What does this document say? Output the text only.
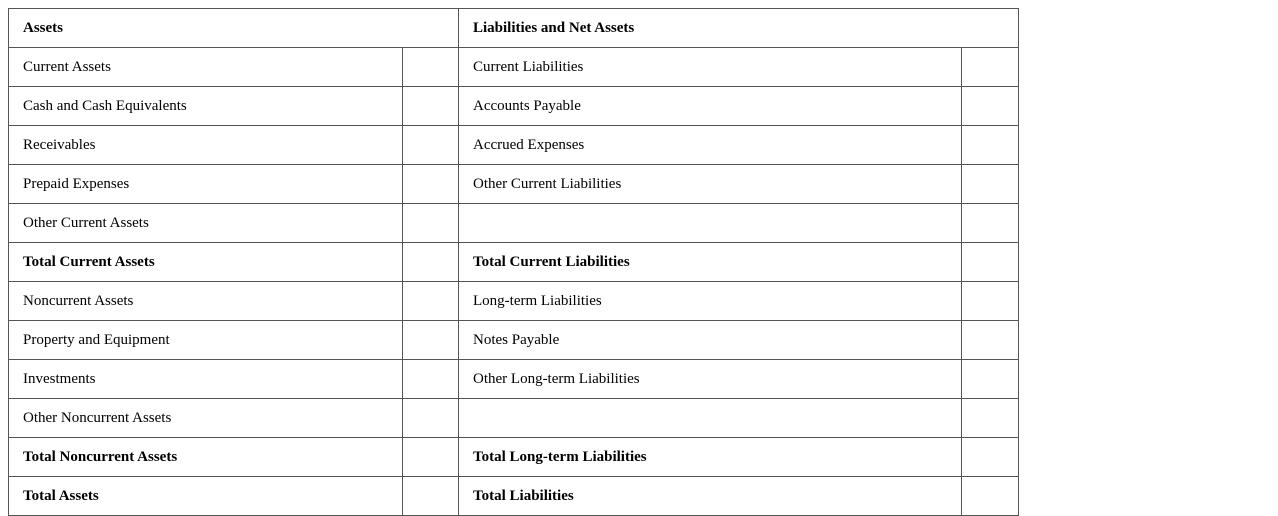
Assets		Liabilities and Net Assets	
Current Assets		Current Liabilities	
Cash and Cash Equivalents		Accounts Payable	
Receivables		Accrued Expenses	
Prepaid Expenses		Other Current Liabilities	
Other Current Assets			
Total Current Assets		Total Current Liabilities	
Noncurrent Assets		Long-term Liabilities	
Property and Equipment		Notes Payable	
Investments		Other Long-term Liabilities	
Other Noncurrent Assets			
Total Noncurrent Assets		Total Long-term Liabilities	
Total Assets		Total Liabilities	
